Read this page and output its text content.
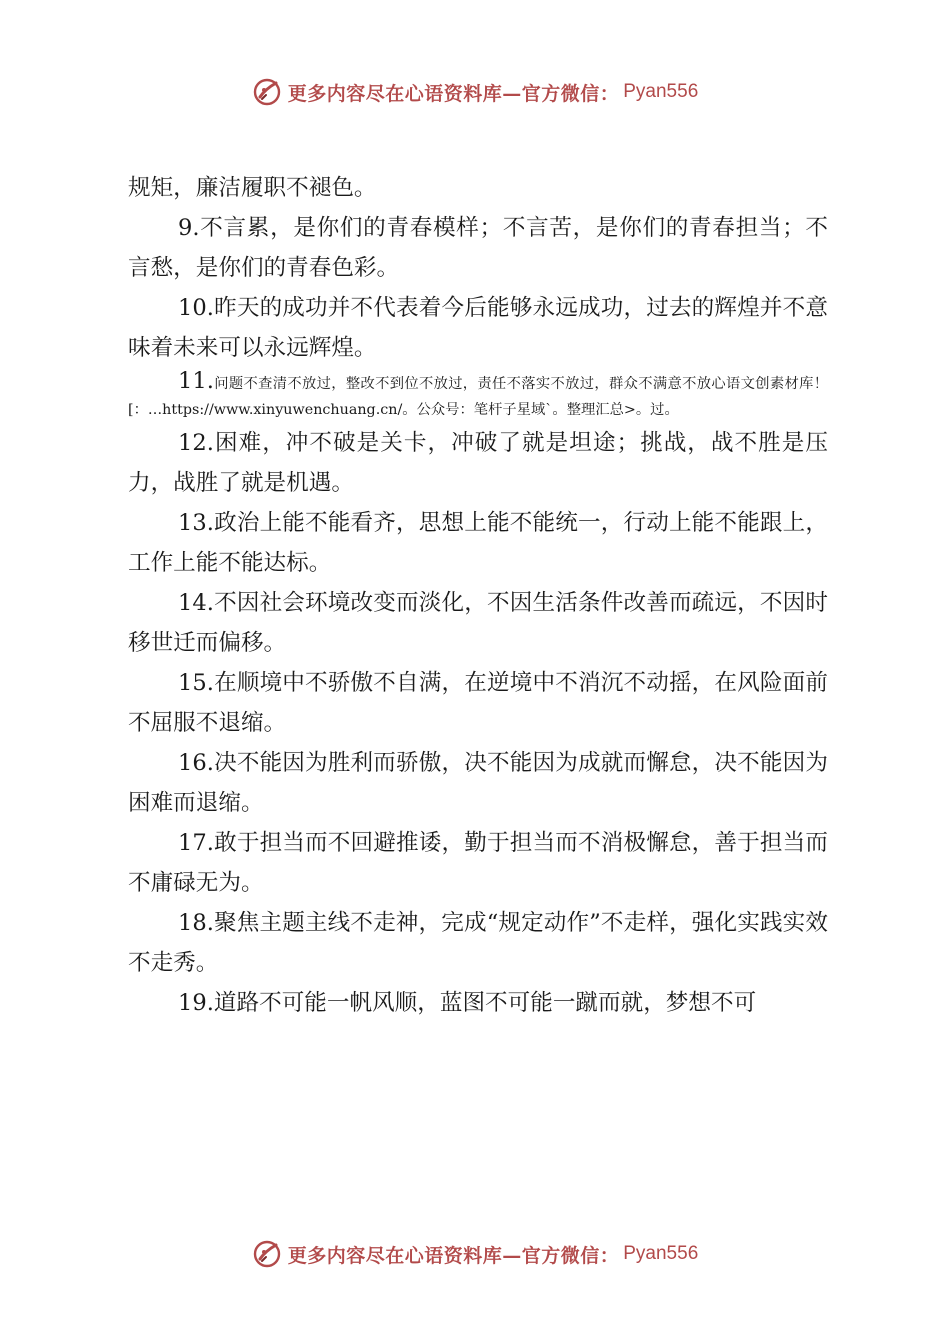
更多内容尽在心语资料库—官方微信： Pyan556

规矩，廉洁履职不褪色。

9.不言累，是你们的青春模样；不言苦，是你们的青春担当；不言愁，是你们的青春色彩。

10.昨天的成功并不代表着今后能够永远成功，过去的辉煌并不意味着未来可以永远辉煌。

11.问题不查清不放过，整改不到位不放过，责任不落实不放过，群众不满意不放心语文创素材库！[：…https://www.xinyuwenchuang.cn/。公众号：笔杆子星域`。整理汇总>。过。

12.困难，冲不破是关卡，冲破了就是坦途；挑战，战不胜是压力，战胜了就是机遇。

13.政治上能不能看齐，思想上能不能统一，行动上能不能跟上，工作上能不能达标。

14.不因社会环境改变而淡化，不因生活条件改善而疏远，不因时移世迁而偏移。

15.在顺境中不骄傲不自满，在逆境中不消沉不动摇，在风险面前不屈服不退缩。

16.决不能因为胜利而骄傲，决不能因为成就而懈怠，决不能因为困难而退缩。

17.敢于担当而不回避推诿，勤于担当而不消极懈怠，善于担当而不庸碌无为。

18.聚焦主题主线不走神，完成“规定动作”不走样，强化实践实效不走秀。

19.道路不可能一帆风顺，蓝图不可能一蹴而就，梦想不可

更多内容尽在心语资料库—官方微信： Pyan556
